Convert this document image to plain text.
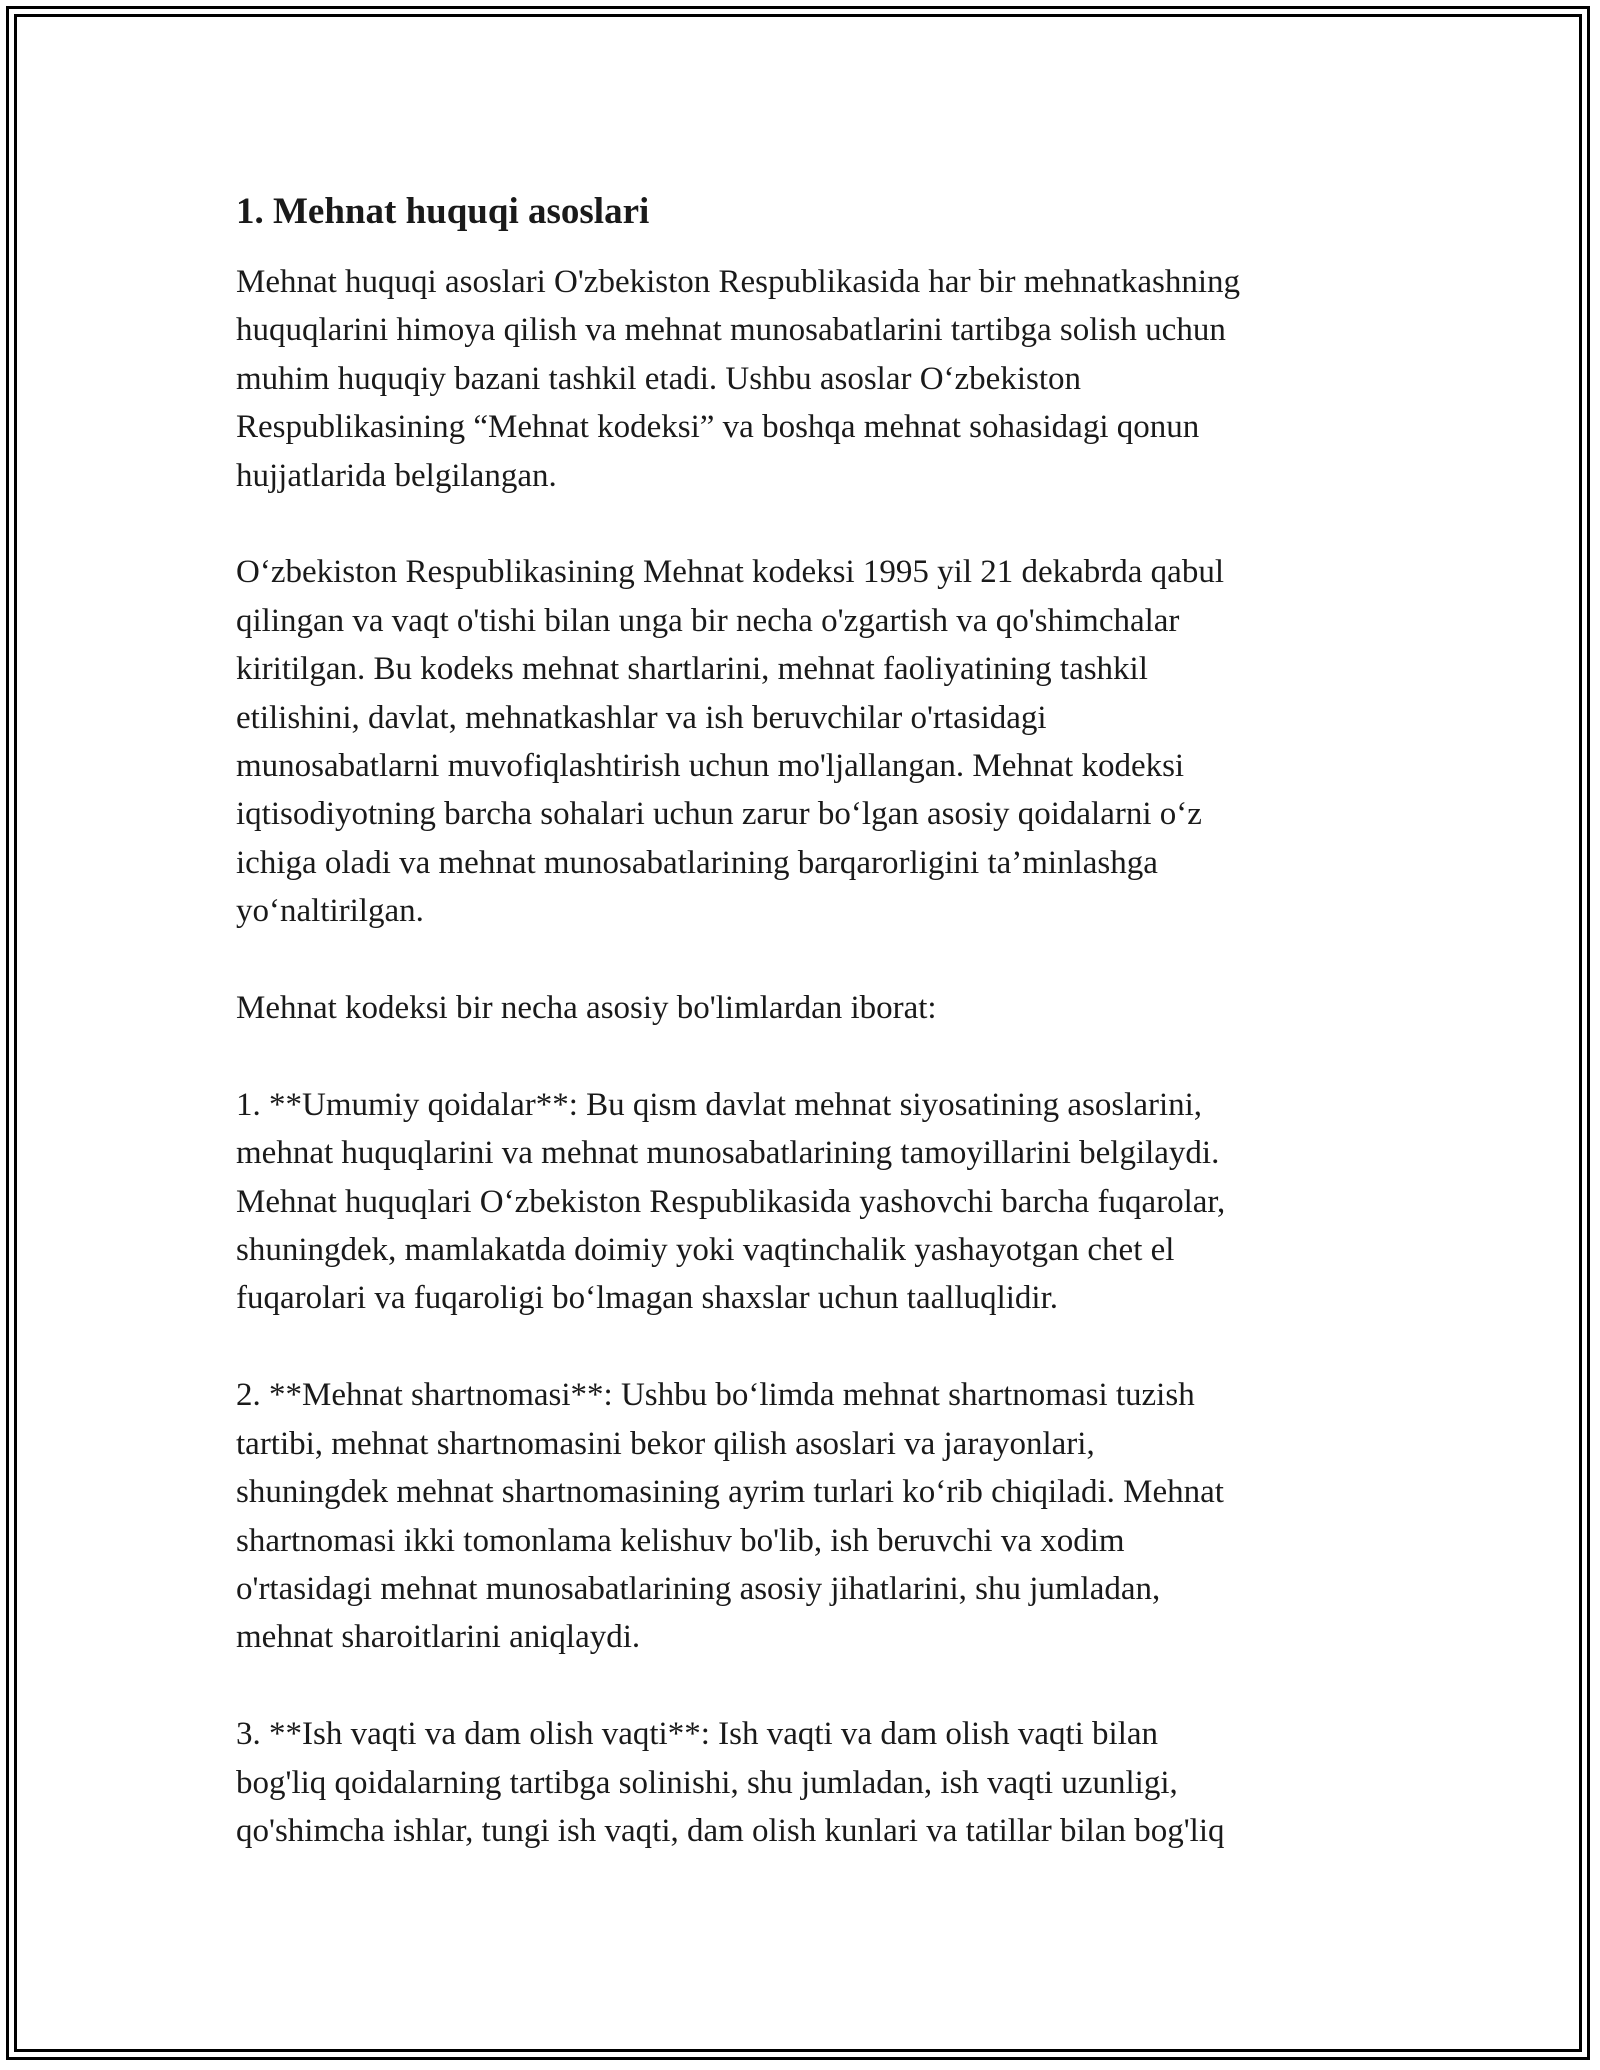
1. Mehnat huquqi asoslari

Mehnat huquqi asoslari O'zbekiston Respublikasida har bir mehnatkashning
huquqlarini himoya qilish va mehnat munosabatlarini tartibga solish uchun
muhim huquqiy bazani tashkil etadi. Ushbu asoslar O‘zbekiston
Respublikasining “Mehnat kodeksi” va boshqa mehnat sohasidagi qonun
hujjatlarida belgilangan.

O‘zbekiston Respublikasining Mehnat kodeksi 1995 yil 21 dekabrda qabul
qilingan va vaqt o'tishi bilan unga bir necha o'zgartish va qo'shimchalar
kiritilgan. Bu kodeks mehnat shartlarini, mehnat faoliyatining tashkil
etilishini, davlat, mehnatkashlar va ish beruvchilar o'rtasidagi
munosabatlarni muvofiqlashtirish uchun mo'ljallangan. Mehnat kodeksi
iqtisodiyotning barcha sohalari uchun zarur bo‘lgan asosiy qoidalarni o‘z
ichiga oladi va mehnat munosabatlarining barqarorligini ta’minlashga
yo‘naltirilgan.

Mehnat kodeksi bir necha asosiy bo'limlardan iborat:

1. **Umumiy qoidalar**: Bu qism davlat mehnat siyosatining asoslarini,
mehnat huquqlarini va mehnat munosabatlarining tamoyillarini belgilaydi.
Mehnat huquqlari O‘zbekiston Respublikasida yashovchi barcha fuqarolar,
shuningdek, mamlakatda doimiy yoki vaqtinchalik yashayotgan chet el
fuqarolari va fuqaroligi bo‘lmagan shaxslar uchun taalluqlidir.

2. **Mehnat shartnomasi**: Ushbu bo‘limda mehnat shartnomasi tuzish
tartibi, mehnat shartnomasini bekor qilish asoslari va jarayonlari,
shuningdek mehnat shartnomasining ayrim turlari ko‘rib chiqiladi. Mehnat
shartnomasi ikki tomonlama kelishuv bo'lib, ish beruvchi va xodim
o'rtasidagi mehnat munosabatlarining asosiy jihatlarini, shu jumladan,
mehnat sharoitlarini aniqlaydi.

3. **Ish vaqti va dam olish vaqti**: Ish vaqti va dam olish vaqti bilan
bog'liq qoidalarning tartibga solinishi, shu jumladan, ish vaqti uzunligi,
qo'shimcha ishlar, tungi ish vaqti, dam olish kunlari va tatillar bilan bog'liq
